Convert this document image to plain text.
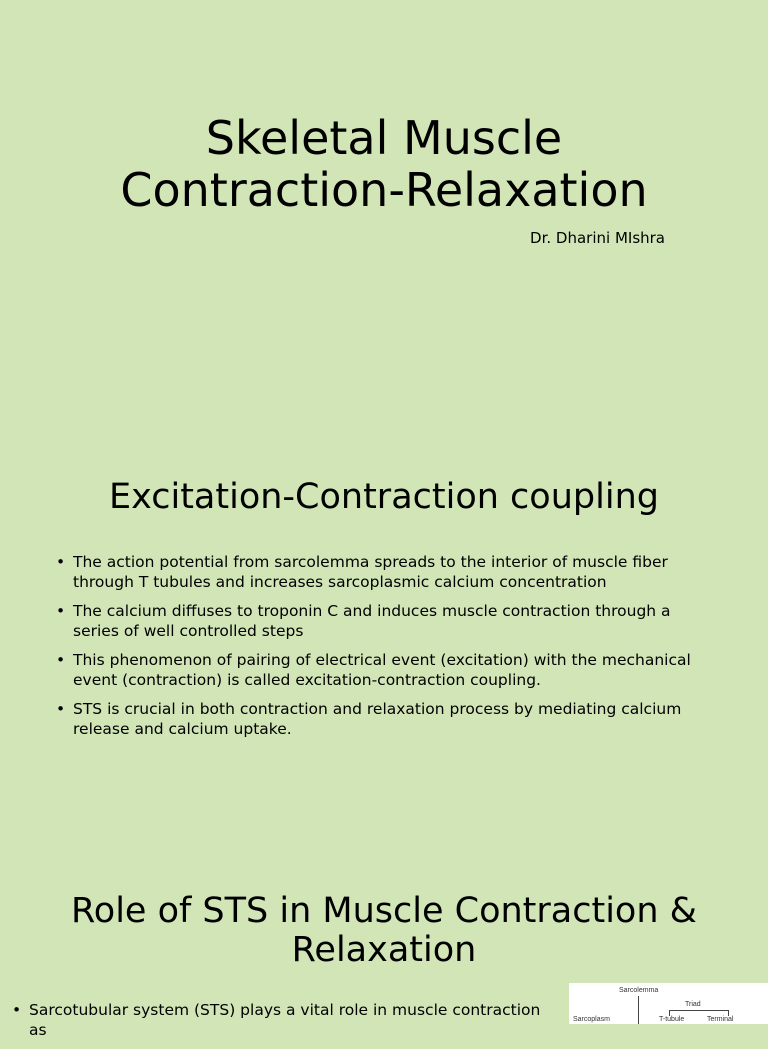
Skeletal Muscle
Contraction-Relaxation

Dr. Dharini MIshra

Excitation-Contraction coupling
• The action potential from sarcolemma spreads to the interior of muscle fiber through T tubules and increases sarcoplasmic calcium concentration
• The calcium diffuses to troponin C and induces muscle contraction through a series of well controlled steps
• This phenomenon of pairing of electrical event (excitation) with the mechanical event (contraction) is called excitation-contraction coupling.
• STS is crucial in both contraction and relaxation process by mediating calcium release and calcium uptake.
Role of STS in Muscle Contraction &
Relaxation
• Sarcotubular system (STS) plays a vital role in muscle contraction as
Sarcolemma
Triad
Sarcoplasm	T-tubule	Terminal
